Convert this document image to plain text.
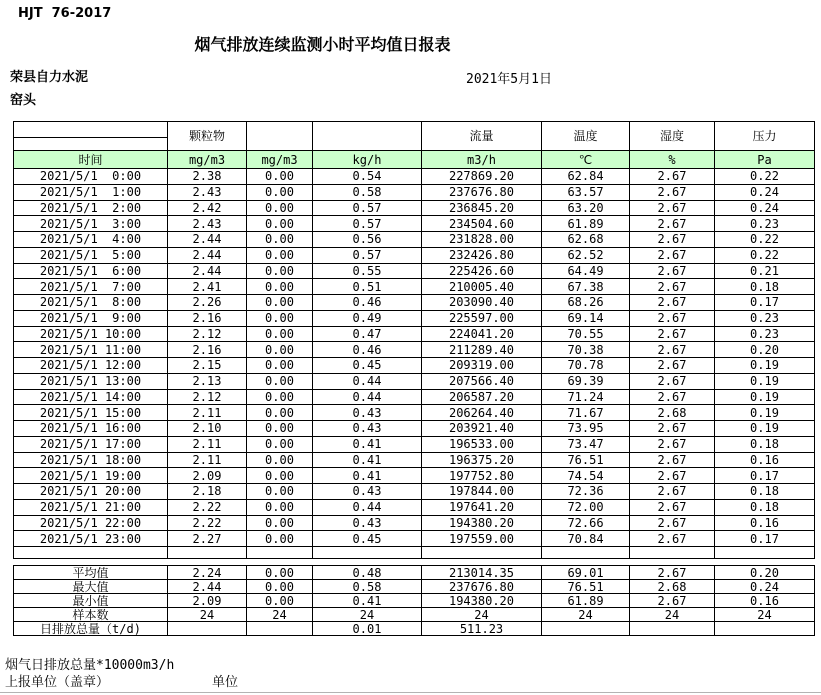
HJT  76-2017
烟气排放连续监测小时平均值日报表
荣县自力水泥
窑头
2021年5月1日
	颗粒物			流量	温度	湿度	压力

时间	mg/m3	mg/m3	kg/h	m3/h	℃	%	Pa
2021/5/1  0:00	2.38	0.00	0.54	227869.20	62.84	2.67	0.22
2021/5/1  1:00	2.43	0.00	0.58	237676.80	63.57	2.67	0.24
2021/5/1  2:00	2.42	0.00	0.57	236845.20	63.20	2.67	0.24
2021/5/1  3:00	2.43	0.00	0.57	234504.60	61.89	2.67	0.23
2021/5/1  4:00	2.44	0.00	0.56	231828.00	62.68	2.67	0.22
2021/5/1  5:00	2.44	0.00	0.57	232426.80	62.52	2.67	0.22
2021/5/1  6:00	2.44	0.00	0.55	225426.60	64.49	2.67	0.21
2021/5/1  7:00	2.41	0.00	0.51	210005.40	67.38	2.67	0.18
2021/5/1  8:00	2.26	0.00	0.46	203090.40	68.26	2.67	0.17
2021/5/1  9:00	2.16	0.00	0.49	225597.00	69.14	2.67	0.23
2021/5/1 10:00	2.12	0.00	0.47	224041.20	70.55	2.67	0.23
2021/5/1 11:00	2.16	0.00	0.46	211289.40	70.38	2.67	0.20
2021/5/1 12:00	2.15	0.00	0.45	209319.00	70.78	2.67	0.19
2021/5/1 13:00	2.13	0.00	0.44	207566.40	69.39	2.67	0.19
2021/5/1 14:00	2.12	0.00	0.44	206587.20	71.24	2.67	0.19
2021/5/1 15:00	2.11	0.00	0.43	206264.40	71.67	2.68	0.19
2021/5/1 16:00	2.10	0.00	0.43	203921.40	73.95	2.67	0.19
2021/5/1 17:00	2.11	0.00	0.41	196533.00	73.47	2.67	0.18
2021/5/1 18:00	2.11	0.00	0.41	196375.20	76.51	2.67	0.16
2021/5/1 19:00	2.09	0.00	0.41	197752.80	74.54	2.67	0.17
2021/5/1 20:00	2.18	0.00	0.43	197844.00	72.36	2.67	0.18
2021/5/1 21:00	2.22	0.00	0.44	197641.20	72.00	2.67	0.18
2021/5/1 22:00	2.22	0.00	0.43	194380.20	72.66	2.67	0.16
2021/5/1 23:00	2.27	0.00	0.45	197559.00	70.84	2.67	0.17

平均值	2.24	0.00	0.48	213014.35	69.01	2.67	0.20
最大值	2.44	0.00	0.58	237676.80	76.51	2.68	0.24
最小值	2.09	0.00	0.41	194380.20	61.89	2.67	0.16
样本数	24	24	24	24	24	24	24
日排放总量（t/d)			0.01	511.23			
烟气日排放总量*10000m3/h
上报单位（盖章）	单位
